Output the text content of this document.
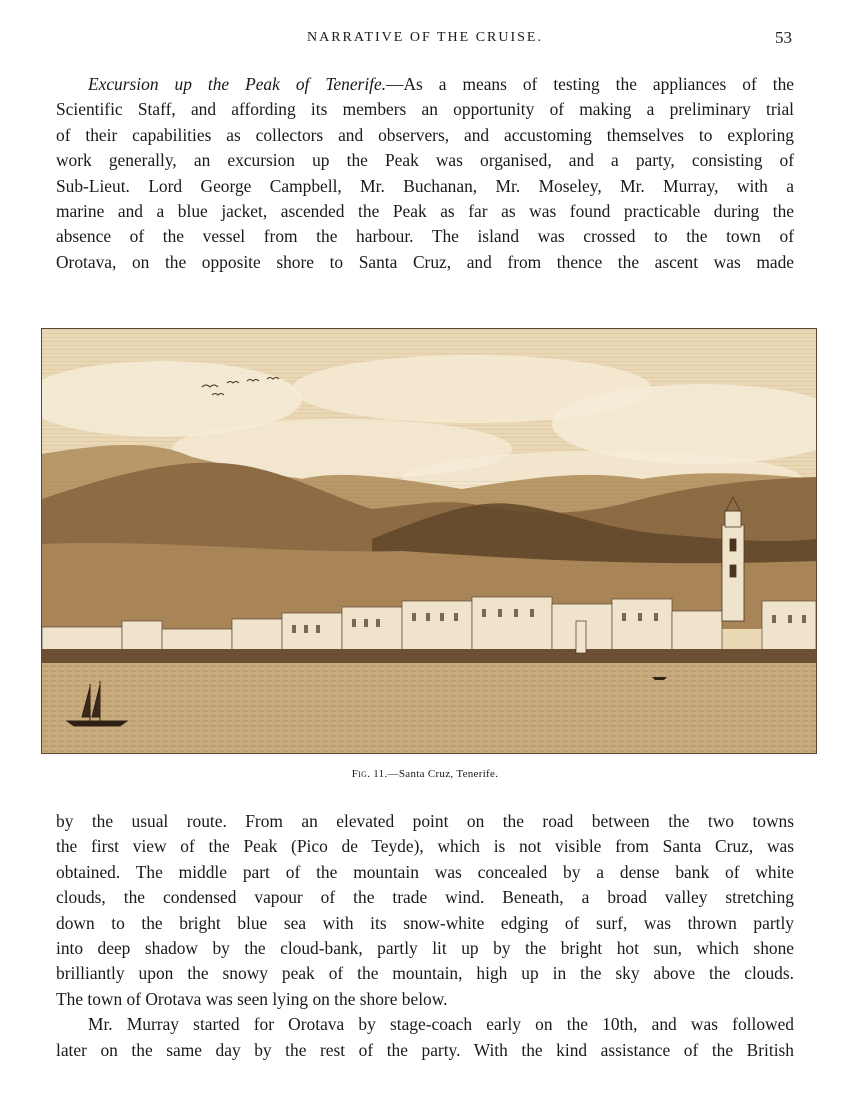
NARRATIVE OF THE CRUISE.	53
Excursion up the Peak of Tenerife.—As a means of testing the appliances of the
Scientific Staff, and affording its members an opportunity of making a preliminary trial
of their capabilities as collectors and observers, and accustoming themselves to exploring
work generally, an excursion up the Peak was organised, and a party, consisting of
Sub-Lieut. Lord George Campbell, Mr. Buchanan, Mr. Moseley, Mr. Murray, with a
marine and a blue jacket, ascended the Peak as far as was found practicable during the
absence of the vessel from the harbour. The island was crossed to the town of
Orotava, on the opposite shore to Santa Cruz, and from thence the ascent was made
Fig. 11.—Santa Cruz, Tenerife.
by the usual route. From an elevated point on the road between the two towns
the first view of the Peak (Pico de Teyde), which is not visible from Santa Cruz, was
obtained. The middle part of the mountain was concealed by a dense bank of white
clouds, the condensed vapour of the trade wind. Beneath, a broad valley stretching
down to the bright blue sea with its snow-white edging of surf, was thrown partly
into deep shadow by the cloud-bank, partly lit up by the bright hot sun, which shone
brilliantly upon the snowy peak of the mountain, high up in the sky above the clouds.
The town of Orotava was seen lying on the shore below.
Mr. Murray started for Orotava by stage-coach early on the 10th, and was followed
later on the same day by the rest of the party. With the kind assistance of the British
